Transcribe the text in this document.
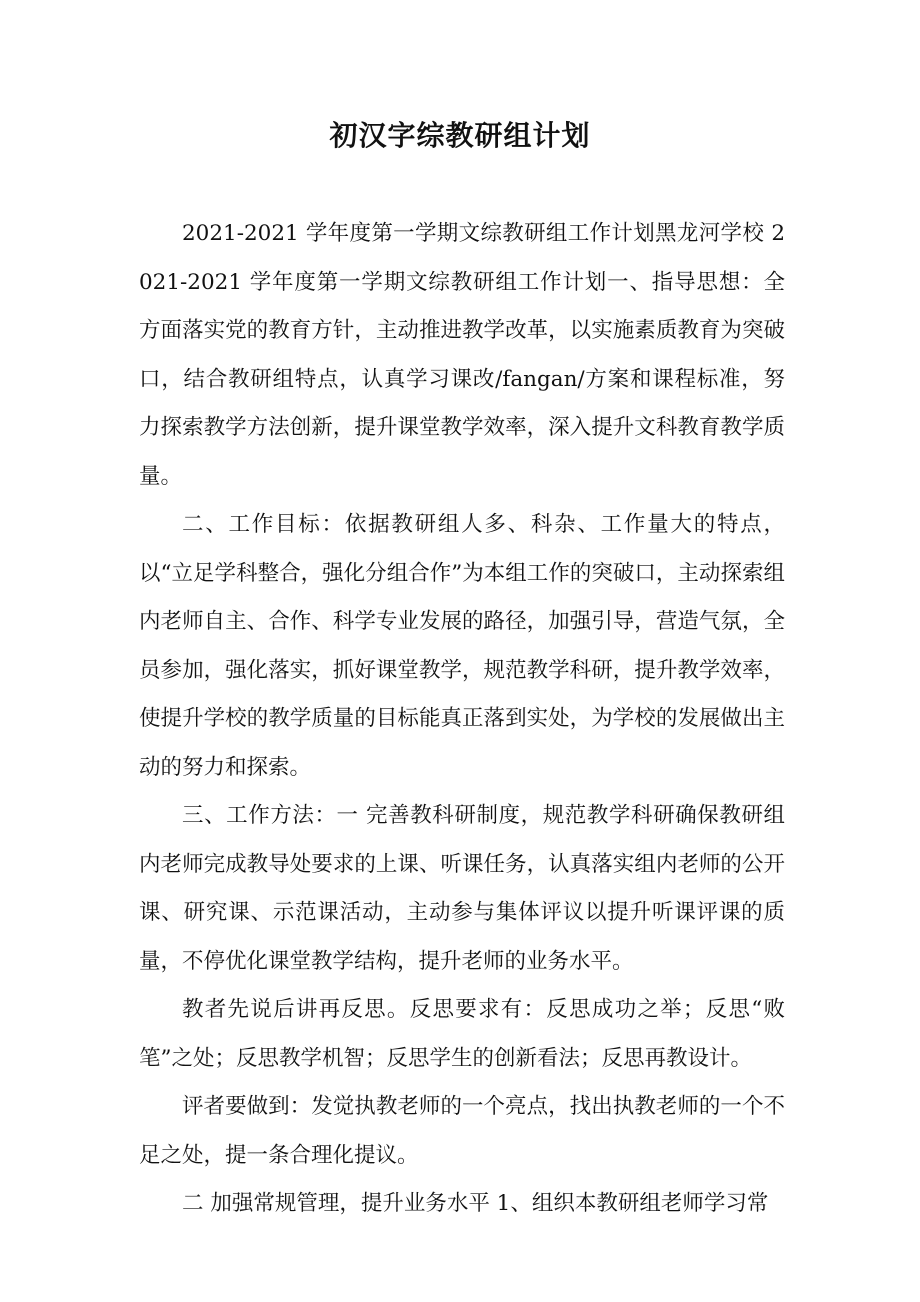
初汉字综教研组计划

2021-2021 学年度第一学期文综教研组工作计划黑龙河学校 2021-2021 学年度第一学期文综教研组工作计划一、指导思想：全方面落实党的教育方针，主动推进教学改革，以实施素质教育为突破口，结合教研组特点，认真学习课改/fangan/方案和课程标准，努力探索教学方法创新，提升课堂教学效率，深入提升文科教育教学质量。

二、工作目标：依据教研组人多、科杂、工作量大的特点，以“立足学科整合，强化分组合作”为本组工作的突破口，主动探索组内老师自主、合作、科学专业发展的路径，加强引导，营造气氛，全员参加，强化落实，抓好课堂教学，规范教学科研，提升教学效率，使提升学校的教学质量的目标能真正落到实处，为学校的发展做出主动的努力和探索。

三、工作方法：一 完善教科研制度，规范教学科研确保教研组内老师完成教导处要求的上课、听课任务，认真落实组内老师的公开课、研究课、示范课活动，主动参与集体评议以提升听课评课的质量，不停优化课堂教学结构，提升老师的业务水平。

教者先说后讲再反思。反思要求有：反思成功之举；反思“败笔”之处；反思教学机智；反思学生的创新看法；反思再教设计。

评者要做到：发觉执教老师的一个亮点，找出执教老师的一个不足之处，提一条合理化提议。

二 加强常规管理，提升业务水平 1、组织本教研组老师学习常
